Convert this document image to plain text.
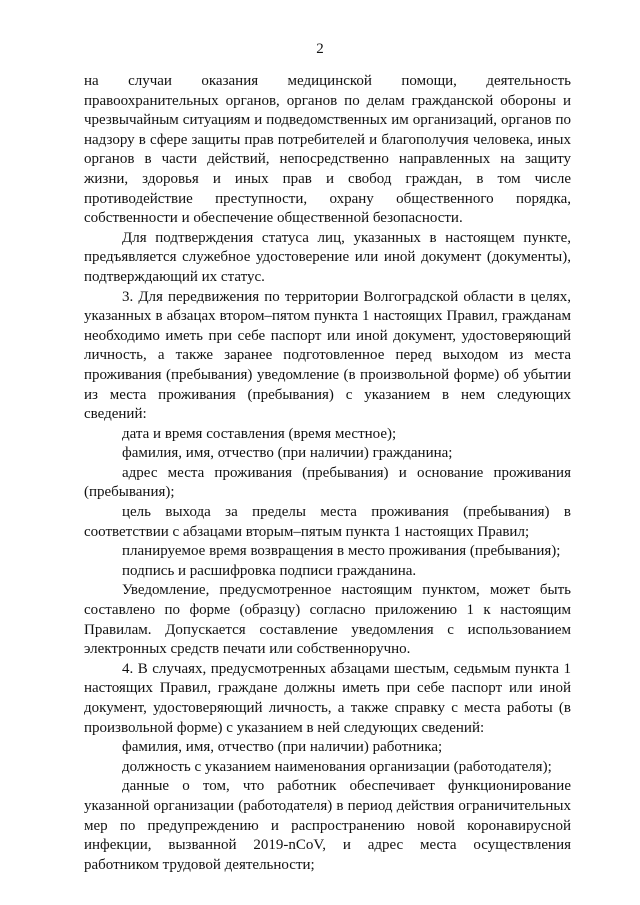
2

на случаи оказания медицинской помощи, деятельность правоохранительных органов, органов по делам гражданской обороны и чрезвычайным ситуациям и подведомственных им организаций, органов по надзору в сфере защиты прав потребителей и благополучия человека, иных органов в части действий, непосредственно направленных на защиту жизни, здоровья и иных прав и свобод граждан, в том числе противодействие преступности, охрану общественного порядка, собственности и обеспечение общественной безопасности.

Для подтверждения статуса лиц, указанных в настоящем пункте, предъявляется служебное удостоверение или иной документ (документы), подтверждающий их статус.

3. Для передвижения по территории Волгоградской области в целях, указанных в абзацах втором–пятом пункта 1 настоящих Правил, гражданам необходимо иметь при себе паспорт или иной документ, удостоверяющий личность, а также заранее подготовленное перед выходом из места проживания (пребывания) уведомление (в произвольной форме) об убытии из места проживания (пребывания) с указанием в нем следующих сведений:

дата и время составления (время местное);

фамилия, имя, отчество (при наличии) гражданина;

адрес места проживания (пребывания) и основание проживания (пребывания);

цель выхода за пределы места проживания (пребывания) в соответствии с абзацами вторым–пятым пункта 1 настоящих Правил;

планируемое время возвращения в место проживания (пребывания);

подпись и расшифровка подписи гражданина.

Уведомление, предусмотренное настоящим пунктом, может быть составлено по форме (образцу) согласно приложению 1 к настоящим Правилам. Допускается составление уведомления с использованием электронных средств печати или собственноручно.

4. В случаях, предусмотренных абзацами шестым, седьмым пункта 1 настоящих Правил, граждане должны иметь при себе паспорт или иной документ, удостоверяющий личность, а также справку с места работы (в произвольной форме) с указанием в ней следующих сведений:

фамилия, имя, отчество (при наличии) работника;

должность с указанием наименования организации (работодателя);

данные о том, что работник обеспечивает функционирование указанной организации (работодателя) в период действия ограничительных мер по предупреждению и распространению новой коронавирусной инфекции, вызванной 2019-nCoV, и адрес места осуществления работником трудовой деятельности;
